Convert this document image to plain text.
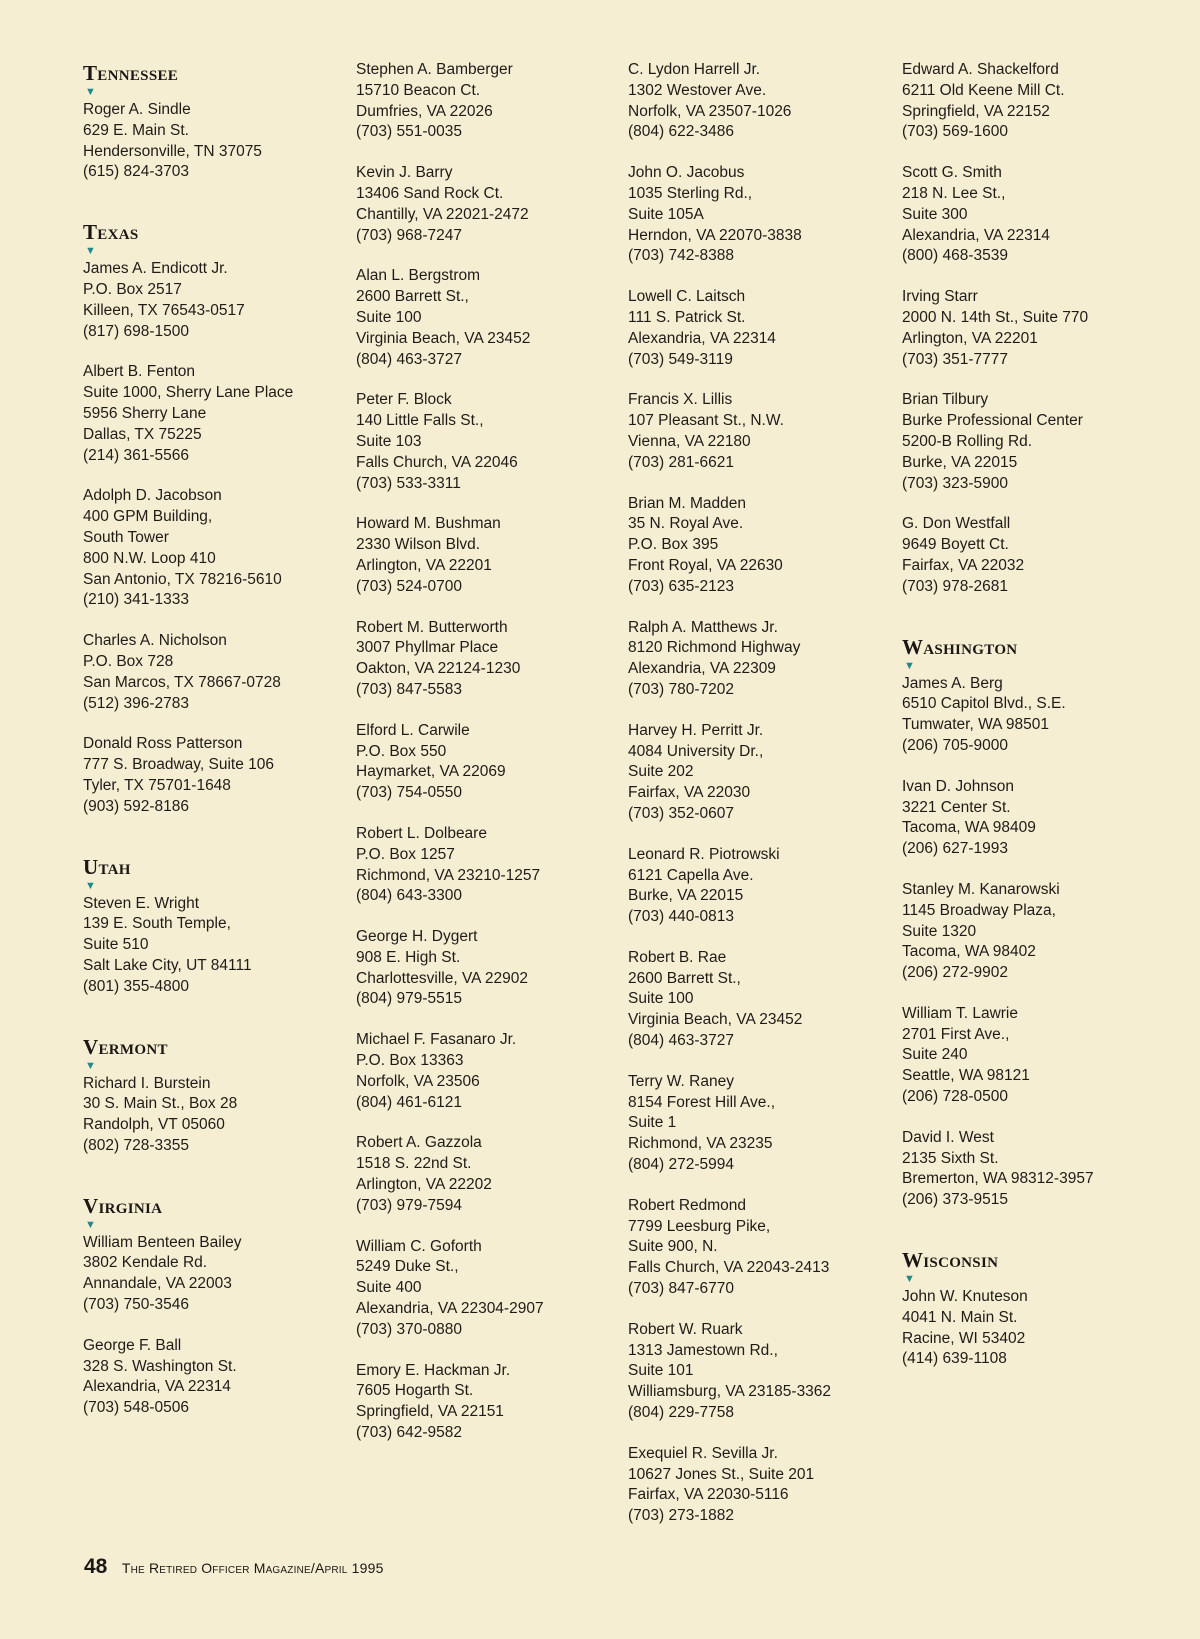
Tennessee
▼
Roger A. Sindle
629 E. Main St.
Hendersonville, TN 37075
(615) 824-3703
Texas
▼
James A. Endicott Jr.
P.O. Box 2517
Killeen, TX 76543-0517
(817) 698-1500
Albert B. Fenton
Suite 1000, Sherry Lane Place
5956 Sherry Lane
Dallas, TX 75225
(214) 361-5566
Adolph D. Jacobson
400 GPM Building,
South Tower
800 N.W. Loop 410
San Antonio, TX 78216-5610
(210) 341-1333
Charles A. Nicholson
P.O. Box 728
San Marcos, TX 78667-0728
(512) 396-2783
Donald Ross Patterson
777 S. Broadway, Suite 106
Tyler, TX 75701-1648
(903) 592-8186
Utah
▼
Steven E. Wright
139 E. South Temple,
Suite 510
Salt Lake City, UT 84111
(801) 355-4800
Vermont
▼
Richard I. Burstein
30 S. Main St., Box 28
Randolph, VT 05060
(802) 728-3355
Virginia
▼
William Benteen Bailey
3802 Kendale Rd.
Annandale, VA 22003
(703) 750-3546
George F. Ball
328 S. Washington St.
Alexandria, VA 22314
(703) 548-0506
Stephen A. Bamberger
15710 Beacon Ct.
Dumfries, VA 22026
(703) 551-0035
Kevin J. Barry
13406 Sand Rock Ct.
Chantilly, VA 22021-2472
(703) 968-7247
Alan L. Bergstrom
2600 Barrett St.,
Suite 100
Virginia Beach, VA 23452
(804) 463-3727
Peter F. Block
140 Little Falls St.,
Suite 103
Falls Church, VA 22046
(703) 533-3311
Howard M. Bushman
2330 Wilson Blvd.
Arlington, VA 22201
(703) 524-0700
Robert M. Butterworth
3007 Phyllmar Place
Oakton, VA 22124-1230
(703) 847-5583
Elford L. Carwile
P.O. Box 550
Haymarket, VA 22069
(703) 754-0550
Robert L. Dolbeare
P.O. Box 1257
Richmond, VA 23210-1257
(804) 643-3300
George H. Dygert
908 E. High St.
Charlottesville, VA 22902
(804) 979-5515
Michael F. Fasanaro Jr.
P.O. Box 13363
Norfolk, VA 23506
(804) 461-6121
Robert A. Gazzola
1518 S. 22nd St.
Arlington, VA 22202
(703) 979-7594
William C. Goforth
5249 Duke St.,
Suite 400
Alexandria, VA 22304-2907
(703) 370-0880
Emory E. Hackman Jr.
7605 Hogarth St.
Springfield, VA 22151
(703) 642-9582
C. Lydon Harrell Jr.
1302 Westover Ave.
Norfolk, VA 23507-1026
(804) 622-3486
John O. Jacobus
1035 Sterling Rd.,
Suite 105A
Herndon, VA 22070-3838
(703) 742-8388
Lowell C. Laitsch
111 S. Patrick St.
Alexandria, VA 22314
(703) 549-3119
Francis X. Lillis
107 Pleasant St., N.W.
Vienna, VA 22180
(703) 281-6621
Brian M. Madden
35 N. Royal Ave.
P.O. Box 395
Front Royal, VA 22630
(703) 635-2123
Ralph A. Matthews Jr.
8120 Richmond Highway
Alexandria, VA 22309
(703) 780-7202
Harvey H. Perritt Jr.
4084 University Dr.,
Suite 202
Fairfax, VA 22030
(703) 352-0607
Leonard R. Piotrowski
6121 Capella Ave.
Burke, VA 22015
(703) 440-0813
Robert B. Rae
2600 Barrett St.,
Suite 100
Virginia Beach, VA 23452
(804) 463-3727
Terry W. Raney
8154 Forest Hill Ave.,
Suite 1
Richmond, VA 23235
(804) 272-5994
Robert Redmond
7799 Leesburg Pike,
Suite 900, N.
Falls Church, VA 22043-2413
(703) 847-6770
Robert W. Ruark
1313 Jamestown Rd.,
Suite 101
Williamsburg, VA 23185-3362
(804) 229-7758
Exequiel R. Sevilla Jr.
10627 Jones St., Suite 201
Fairfax, VA 22030-5116
(703) 273-1882
Edward A. Shackelford
6211 Old Keene Mill Ct.
Springfield, VA 22152
(703) 569-1600
Scott G. Smith
218 N. Lee St.,
Suite 300
Alexandria, VA 22314
(800) 468-3539
Irving Starr
2000 N. 14th St., Suite 770
Arlington, VA 22201
(703) 351-7777
Brian Tilbury
Burke Professional Center
5200-B Rolling Rd.
Burke, VA 22015
(703) 323-5900
G. Don Westfall
9649 Boyett Ct.
Fairfax, VA 22032
(703) 978-2681
Washington
▼
James A. Berg
6510 Capitol Blvd., S.E.
Tumwater, WA 98501
(206) 705-9000
Ivan D. Johnson
3221 Center St.
Tacoma, WA 98409
(206) 627-1993
Stanley M. Kanarowski
1145 Broadway Plaza,
Suite 1320
Tacoma, WA 98402
(206) 272-9902
William T. Lawrie
2701 First Ave.,
Suite 240
Seattle, WA 98121
(206) 728-0500
David I. West
2135 Sixth St.
Bremerton, WA 98312-3957
(206) 373-9515
Wisconsin
▼
John W. Knuteson
4041 N. Main St.
Racine, WI 53402
(414) 639-1108
48 The Retired Officer Magazine/April 1995
